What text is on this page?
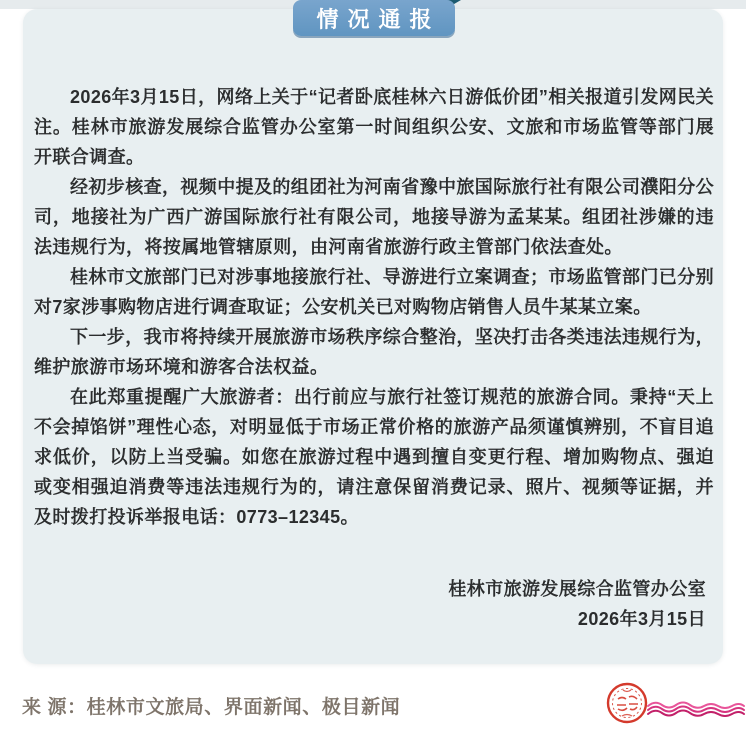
情况通报

2026年3月15日，网络上关于“记者卧底桂林六日游低价团”相关报道引发网民关注。桂林市旅游发展综合监管办公室第一时间组织公安、文旅和市场监管等部门展开联合调查。

经初步核查，视频中提及的组团社为河南省豫中旅国际旅行社有限公司濮阳分公司，地接社为广西广游国际旅行社有限公司，地接导游为孟某某。组团社涉嫌的违法违规行为，将按属地管辖原则，由河南省旅游行政主管部门依法查处。

桂林市文旅部门已对涉事地接旅行社、导游进行立案调查；市场监管部门已分别对7家涉事购物店进行调查取证；公安机关已对购物店销售人员牛某某立案。

下一步，我市将持续开展旅游市场秩序综合整治，坚决打击各类违法违规行为，维护旅游市场环境和游客合法权益。

在此郑重提醒广大旅游者：出行前应与旅行社签订规范的旅游合同。秉持“天上不会掉馅饼”理性心态，对明显低于市场正常价格的旅游产品须谨慎辨别，不盲目追求低价，以防上当受骗。如您在旅游过程中遇到擅自变更行程、增加购物点、强迫或变相强迫消费等违法违规行为的，请注意保留消费记录、照片、视频等证据，并及时拨打投诉举报电话：0773–12345。

桂林市旅游发展综合监管办公室
2026年3月15日
来 源：桂林市文旅局、界面新闻、极目新闻
